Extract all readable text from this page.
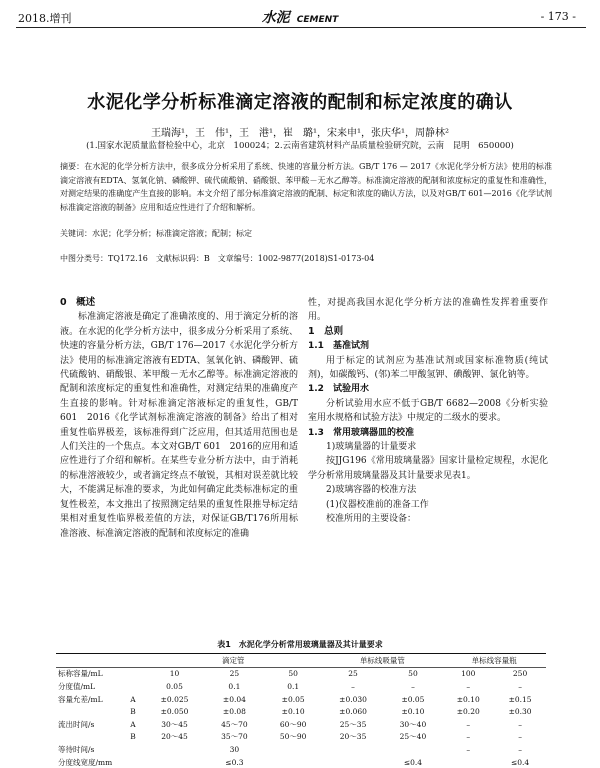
2018.增刊	水泥 CEMENT	- 173 -
水泥化学分析标准滴定溶液的配制和标定浓度的确认
王瑞海¹，王　伟¹，王　港¹，崔　璐¹，宋来申¹，张庆华¹，周静林²
(1.国家水泥质量监督检验中心，北京　100024；2.云南省建筑材料产品质量检验研究院，云南　昆明　650000)
摘要：在水泥的化学分析方法中，很多成分分析采用了系统、快速的容量分析方法。GB/T 176 — 2017《水泥化学分析方法》使用的标准滴定溶液有EDTA、氢氧化钠、磷酸钾、硫代硫酸钠、硝酸银、苯甲酸－无水乙醇等。标准滴定溶液的配制和浓度标定的重复性和准确性，对测定结果的准确度产生直接的影响。本文介绍了部分标准滴定溶液的配制、标定和浓度的确认方法，以及对GB/T 601—2016《化学试剂标准滴定溶液的制备》应用和适应性进行了介绍和解析。
关键词：水泥；化学分析；标准滴定溶液；配制；标定
中图分类号：TQ172.16　文献标识码：B　文章编号：1002-9877(2018)S1-0173-04
0　概述

标准滴定溶液是确定了准确浓度的、用于滴定分析的溶液。在水泥的化学分析方法中，很多成分分析采用了系统、快速的容量分析方法，GB/T 176—2017《水泥化学分析方法》使用的标准滴定溶液有EDTA、氢氧化钠、磷酸钾、硫代硫酸钠、硝酸银、苯甲酸－无水乙醇等。标准滴定溶液的配制和浓度标定的重复性和准确性，对测定结果的准确度产生直接的影响。针对标准滴定溶液标定的重复性，GB/T 601　2016《化学试剂标准滴定溶液的制备》给出了相对重复性临界极差，该标准得到广泛应用，但其适用范围也是人们关注的一个焦点。本文对GB/T 601　2016的应用和适应性进行了介绍和解析。在某些专业分析方法中，由于消耗的标准溶液较少，或者滴定终点不敏锐，其相对误差就比较大，不能满足标准的要求，为此如何确定此类标准标定的重复性极差，本文推出了按照测定结果的重复性限推导标定结果相对重复性临界极差值的方法，对保证GB/T176所用标准溶液、标准滴定溶液的配制和浓度标定的准确

性，对提高我国水泥化学分析方法的准确性发挥着重要作用。
1　总则
1.1　基准试剂
用于标定的试剂应为基准试剂或国家标准物质(纯试剂)，如碳酸钙、(邻)苯二甲酸氢钾、碘酸钾、氯化钠等。
1.2　试验用水
分析试验用水应不低于GB/T 6682—2008《分析实验室用水规格和试验方法》中规定的二级水的要求。
1.3　常用玻璃器皿的校准
1)玻璃量器的计量要求
按JJG196《常用玻璃量器》国家计量检定规程，水泥化学分析常用玻璃量器及其计量要求见表1。
2)玻璃容器的校准方法
(1)仪器校准前的准备工作
校准所用的主要设备：
表1　水泥化学分析常用玻璃量器及其计量要求
		滴定管			单标线吸量管		单标线容量瓶	
标称容量/mL		10	25	50	25	50	100	250
分度值/mL		0.05	0.1	0.1	–	–	–	–
容量允差/mL	A	±0.025	±0.04	±0.05	±0.030	±0.05	±0.10	±0.15
	B	±0.050	±0.08	±0.10	±0.060	±0.10	±0.20	±0.30
流出时间/s	A	30～45	45～70	60～90	25～35	30～40	–	–
	B	20～45	35～70	50～90	20～35	25～40	–	–
等待时间/s			30				–	–
分度线宽度/mm			≤0.3			≤0.4		≤0.4
